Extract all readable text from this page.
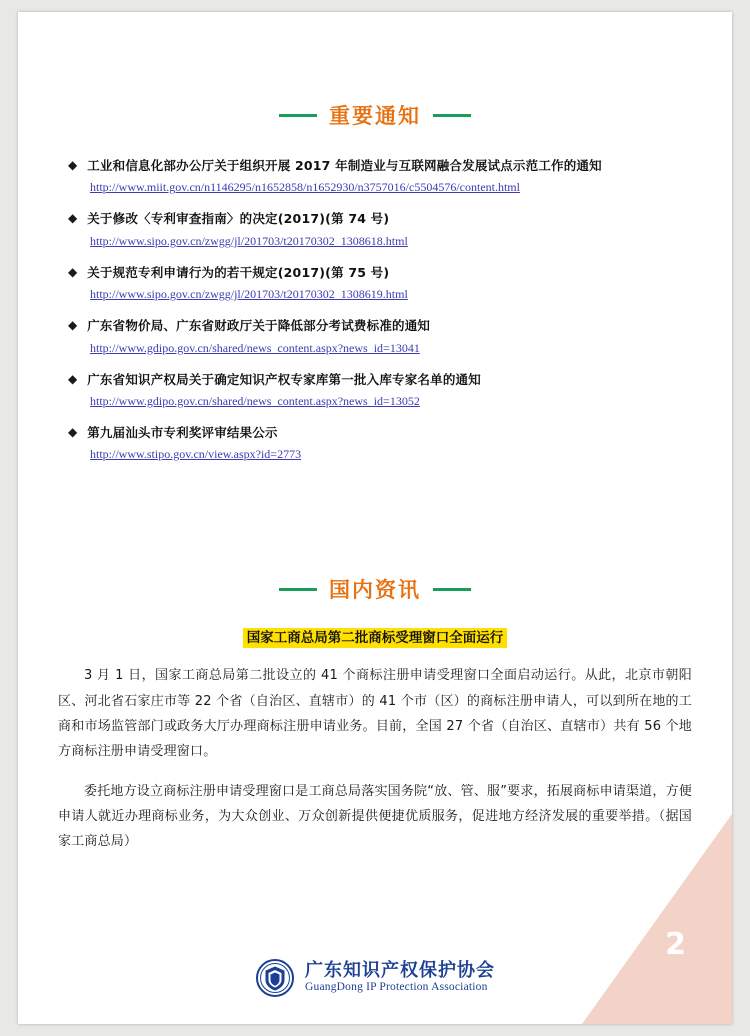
重要通知
◆ 工业和信息化部办公厅关于组织开展 2017 年制造业与互联网融合发展试点示范工作的通知
http://www.miit.gov.cn/n1146295/n1652858/n1652930/n3757016/c5504576/content.html
◆ 关于修改〈专利审查指南〉的决定(2017)(第 74 号)
http://www.sipo.gov.cn/zwgg/jl/201703/t20170302_1308618.html
◆ 关于规范专利申请行为的若干规定(2017)(第 75 号)
http://www.sipo.gov.cn/zwgg/jl/201703/t20170302_1308619.html
◆ 广东省物价局、广东省财政厅关于降低部分考试费标准的通知
http://www.gdipo.gov.cn/shared/news_content.aspx?news_id=13041
◆ 广东省知识产权局关于确定知识产权专家库第一批入库专家名单的通知
http://www.gdipo.gov.cn/shared/news_content.aspx?news_id=13052
◆ 第九届汕头市专利奖评审结果公示
http://www.stipo.gov.cn/view.aspx?id=2773
国内资讯
国家工商总局第二批商标受理窗口全面运行

3 月 1 日，国家工商总局第二批设立的 41 个商标注册申请受理窗口全面启动运行。从此，北京市朝阳区、河北省石家庄市等 22 个省（自治区、直辖市）的 41 个市（区）的商标注册申请人，可以到所在地的工商和市场监管部门或政务大厅办理商标注册申请业务。目前，全国 27 个省（自治区、直辖市）共有 56 个地方商标注册申请受理窗口。

委托地方设立商标注册申请受理窗口是工商总局落实国务院“放、管、服”要求，拓展商标申请渠道，方便申请人就近办理商标业务，为大众创业、万众创新提供便捷优质服务，促进地方经济发展的重要举措。（据国家工商总局）

2
广东知识产权保护协会
GuangDong IP Protection Association
